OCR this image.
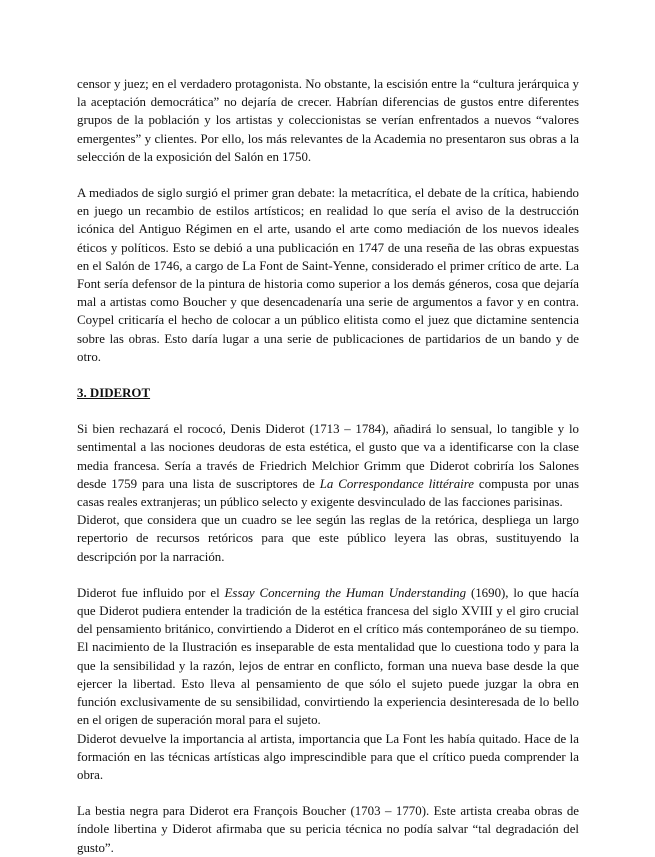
censor y juez; en el verdadero protagonista. No obstante, la escisión entre la “cultura jerárquica y la aceptación democrática” no dejaría de crecer. Habrían diferencias de gustos entre diferentes grupos de la población y los artistas y coleccionistas se verían enfrentados a nuevos “valores emergentes” y clientes. Por ello, los más relevantes de la Academia no presentaron sus obras a la selección de la exposición del Salón en 1750.

A mediados de siglo surgió el primer gran debate: la metacrítica, el debate de la crítica, habiendo en juego un recambio de estilos artísticos; en realidad lo que sería el aviso de la destrucción icónica del Antiguo Régimen en el arte, usando el arte como mediación de los nuevos ideales éticos y políticos. Esto se debió a una publicación en 1747 de una reseña de las obras expuestas en el Salón de 1746, a cargo de La Font de Saint-Yenne, considerado el primer crítico de arte. La Font sería defensor de la pintura de historia como superior a los demás géneros, cosa que dejaría mal a artistas como Boucher y que desencadenaría una serie de argumentos a favor y en contra. Coypel criticaría el hecho de colocar a un público elitista como el juez que dictamine sentencia sobre las obras. Esto daría lugar a una serie de publicaciones de partidarios de un bando y de otro.

3. DIDEROT

Si bien rechazará el rococó, Denis Diderot (1713 – 1784), añadirá lo sensual, lo tangible y lo sentimental a las nociones deudoras de esta estética, el gusto que va a identificarse con la clase media francesa. Sería a través de Friedrich Melchior Grimm que Diderot cobriría los Salones desde 1759 para una lista de suscriptores de La Correspondance littéraire compusta por unas casas reales extranjeras; un público selecto y exigente desvinculado de las facciones parisinas.

Diderot, que considera que un cuadro se lee según las reglas de la retórica, despliega un largo repertorio de recursos retóricos para que este público leyera las obras, sustituyendo la descripción por la narración.

Diderot fue influido por el Essay Concerning the Human Understanding (1690), lo que hacía que Diderot pudiera entender la tradición de la estética francesa del siglo XVIII y el giro crucial del pensamiento británico, convirtiendo a Diderot en el crítico más contemporáneo de su tiempo. El nacimiento de la Ilustración es inseparable de esta mentalidad que lo cuestiona todo y para la que la sensibilidad y la razón, lejos de entrar en conflicto, forman una nueva base desde la que ejercer la libertad. Esto lleva al pensamiento de que sólo el sujeto puede juzgar la obra en función exclusivamente de su sensibilidad, convirtiendo la experiencia desinteresada de lo bello en el origen de superación moral para el sujeto.

Diderot devuelve la importancia al artista, importancia que La Font les había quitado. Hace de la formación en las técnicas artísticas algo imprescindible para que el crítico pueda comprender la obra.

La bestia negra para Diderot era François Boucher (1703 – 1770). Este artista creaba obras de índole libertina y Diderot afirmaba que su pericia técnica no podía salvar “tal degradación del gusto”.
